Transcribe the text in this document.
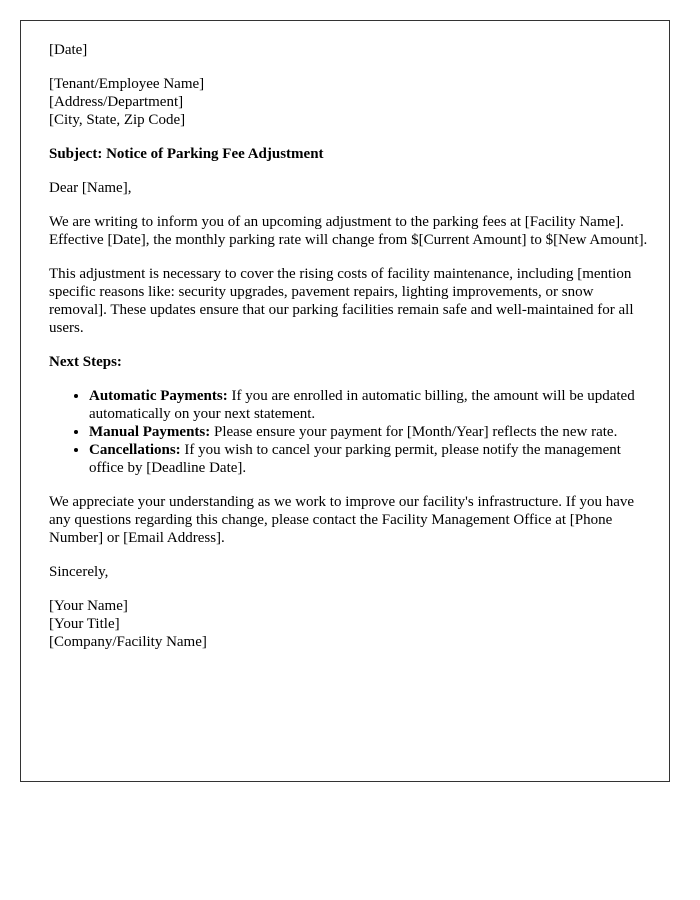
[Date]

[Tenant/Employee Name]
[Address/Department]
[City, State, Zip Code]

Subject: Notice of Parking Fee Adjustment

Dear [Name],

We are writing to inform you of an upcoming adjustment to the parking fees at [Facility Name]. Effective [Date], the monthly parking rate will change from $[Current Amount] to $[New Amount].

This adjustment is necessary to cover the rising costs of facility maintenance, including [mention specific reasons like: security upgrades, pavement repairs, lighting improvements, or snow removal]. These updates ensure that our parking facilities remain safe and well-maintained for all users.

Next Steps:

• Automatic Payments: If you are enrolled in automatic billing, the amount will be updated automatically on your next statement.
• Manual Payments: Please ensure your payment for [Month/Year] reflects the new rate.
• Cancellations: If you wish to cancel your parking permit, please notify the management office by [Deadline Date].

We appreciate your understanding as we work to improve our facility's infrastructure. If you have any questions regarding this change, please contact the Facility Management Office at [Phone Number] or [Email Address].

Sincerely,

[Your Name]
[Your Title]
[Company/Facility Name]
